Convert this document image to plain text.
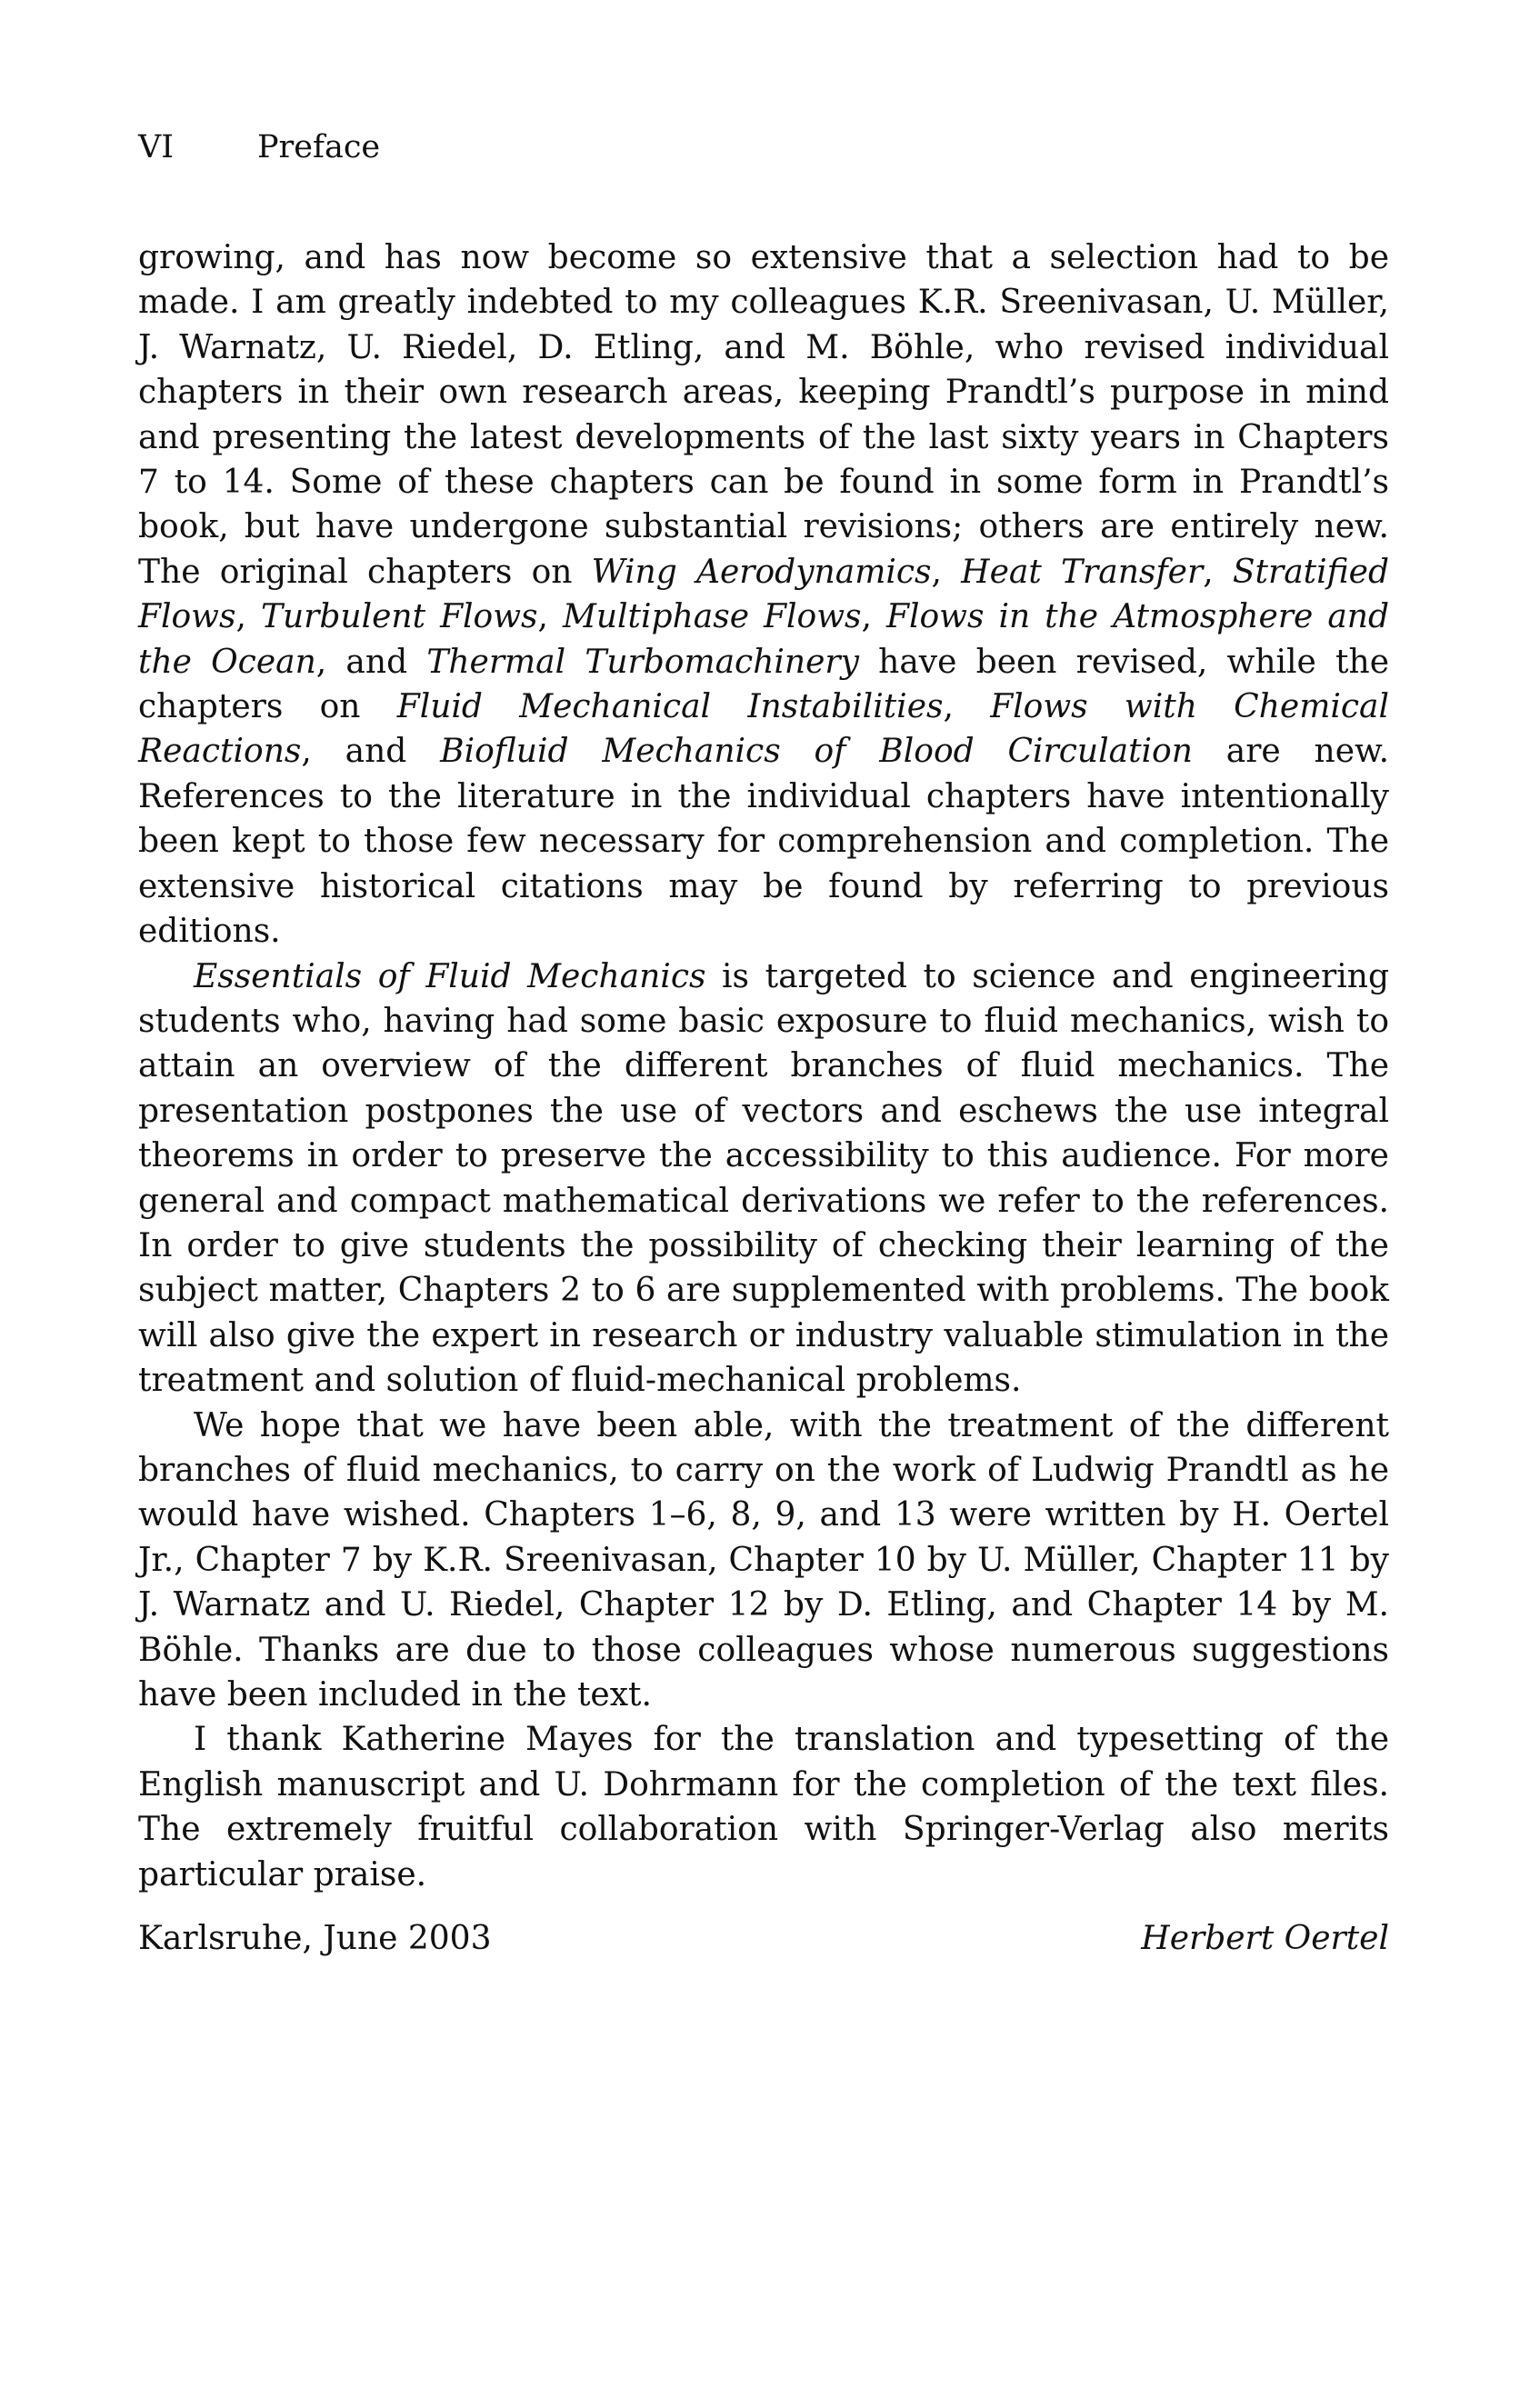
VI	Preface

growing, and has now become so extensive that a selection had to be made. I am greatly indebted to my colleagues K.R. Sreenivasan, U. Müller, J. Warnatz, U. Riedel, D. Etling, and M. Böhle, who revised individual chapters in their own research areas, keeping Prandtl’s purpose in mind and presenting the latest developments of the last sixty years in Chapters 7 to 14. Some of these chapters can be found in some form in Prandtl’s book, but have undergone substantial revisions; others are entirely new. The original chapters on Wing Aerodynamics, Heat Transfer, Stratified Flows, Turbulent Flows, Multiphase Flows, Flows in the Atmosphere and the Ocean, and Thermal Turbomachinery have been revised, while the chapters on Fluid Mechanical Instabilities, Flows with Chemical Reactions, and Biofluid Mechanics of Blood Circulation are new. References to the literature in the individual chapters have intentionally been kept to those few necessary for comprehension and completion. The extensive historical citations may be found by referring to previous editions.

Essentials of Fluid Mechanics is targeted to science and engineering students who, having had some basic exposure to fluid mechanics, wish to attain an overview of the different branches of fluid mechanics. The presentation postpones the use of vectors and eschews the use integral theorems in order to preserve the accessibility to this audience. For more general and compact mathematical derivations we refer to the references. In order to give students the possibility of checking their learning of the subject matter, Chapters 2 to 6 are supplemented with problems. The book will also give the expert in research or industry valuable stimulation in the treatment and solution of fluid-mechanical problems.

We hope that we have been able, with the treatment of the different branches of fluid mechanics, to carry on the work of Ludwig Prandtl as he would have wished. Chapters 1–6, 8, 9, and 13 were written by H. Oertel Jr., Chapter 7 by K.R. Sreenivasan, Chapter 10 by U. Müller, Chapter 11 by J. Warnatz and U. Riedel, Chapter 12 by D. Etling, and Chapter 14 by M. Böhle. Thanks are due to those colleagues whose numerous suggestions have been included in the text.

I thank Katherine Mayes for the translation and typesetting of the English manuscript and U. Dohrmann for the completion of the text files. The extremely fruitful collaboration with Springer-Verlag also merits particular praise.

Karlsruhe, June 2003	Herbert Oertel
